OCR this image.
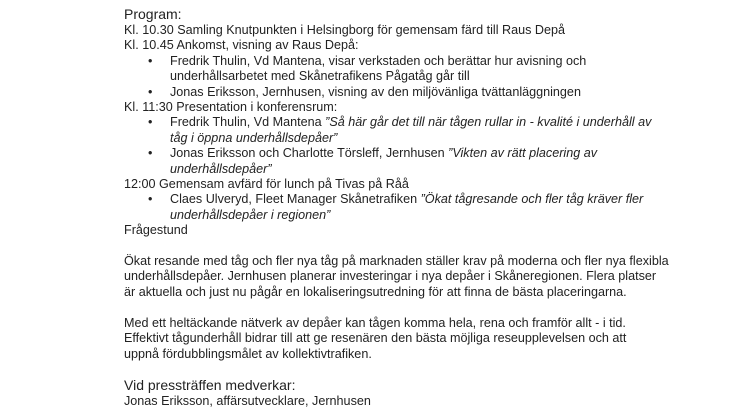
Program:
Kl. 10.30 Samling Knutpunkten i Helsingborg för gemensam färd till Raus Depå
Kl. 10.45 Ankomst, visning av Raus Depå:
• Fredrik Thulin, Vd Mantena, visar verkstaden och berättar hur avisning och
underhållsarbetet med Skånetrafikens Pågatåg går till
• Jonas Eriksson, Jernhusen, visning av den miljövänliga tvättanläggningen
Kl. 11:30 Presentation i konferensrum:
• Fredrik Thulin, Vd Mantena ”Så här går det till när tågen rullar in - kvalité i underhåll av
tåg i öppna underhållsdepåer”
• Jonas Eriksson och Charlotte Törsleff, Jernhusen ”Vikten av rätt placering av
underhållsdepåer”
12:00 Gemensam avfärd för lunch på Tivas på Råå
• Claes Ulveryd, Fleet Manager Skånetrafiken ”Ökat tågresande och fler tåg kräver fler
underhållsdepåer i regionen”
Frågestund
Ökat resande med tåg och fler nya tåg på marknaden ställer krav på moderna och fler nya flexibla
underhållsdepåer. Jernhusen planerar investeringar i nya depåer i Skåneregionen. Flera platser
är aktuella och just nu pågår en lokaliseringsutredning för att finna de bästa placeringarna.
Med ett heltäckande nätverk av depåer kan tågen komma hela, rena och framför allt - i tid.
Effektivt tågunderhåll bidrar till att ge resenären den bästa möjliga reseupplevelsen och att
uppnå fördubblingsmålet av kollektivtrafiken.
Vid pressträffen medverkar:
Jonas Eriksson, affärsutvecklare, Jernhusen
